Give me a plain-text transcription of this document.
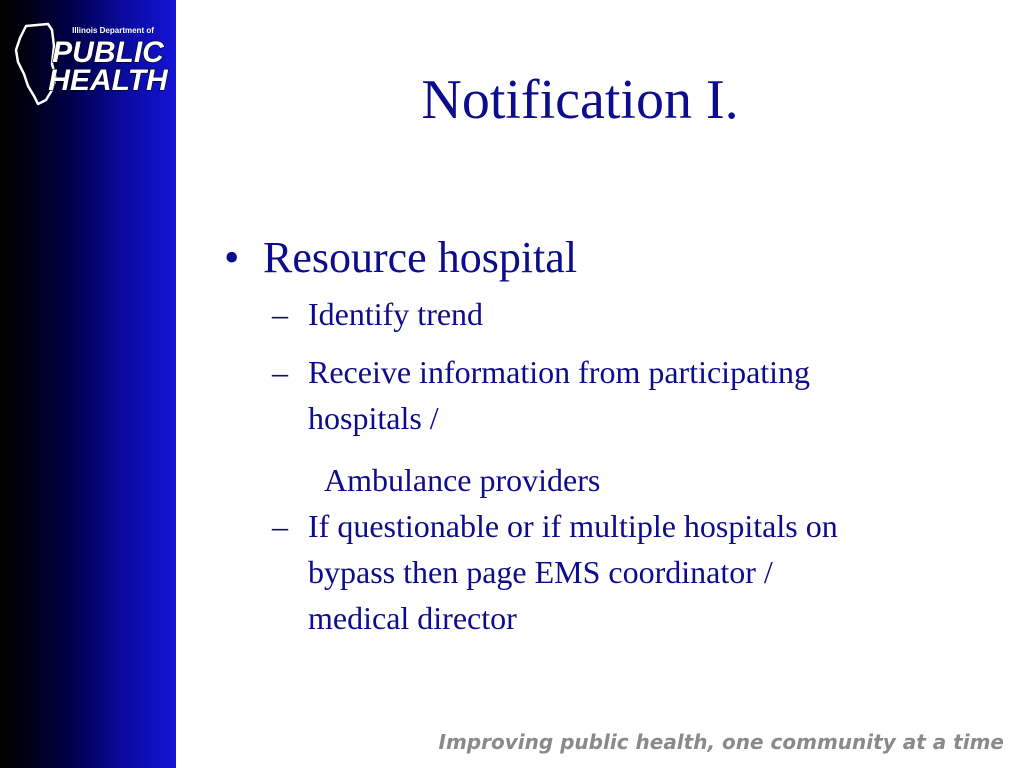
Illinois Department of
PUBLIC
HEALTH	Notification I.
• Resource hospital
– Identify trend
– Receive information from participating hospitals /
Ambulance providers
– If questionable or if multiple hospitals on bypass then page EMS coordinator / medical director
Improving public health, one community at a time
